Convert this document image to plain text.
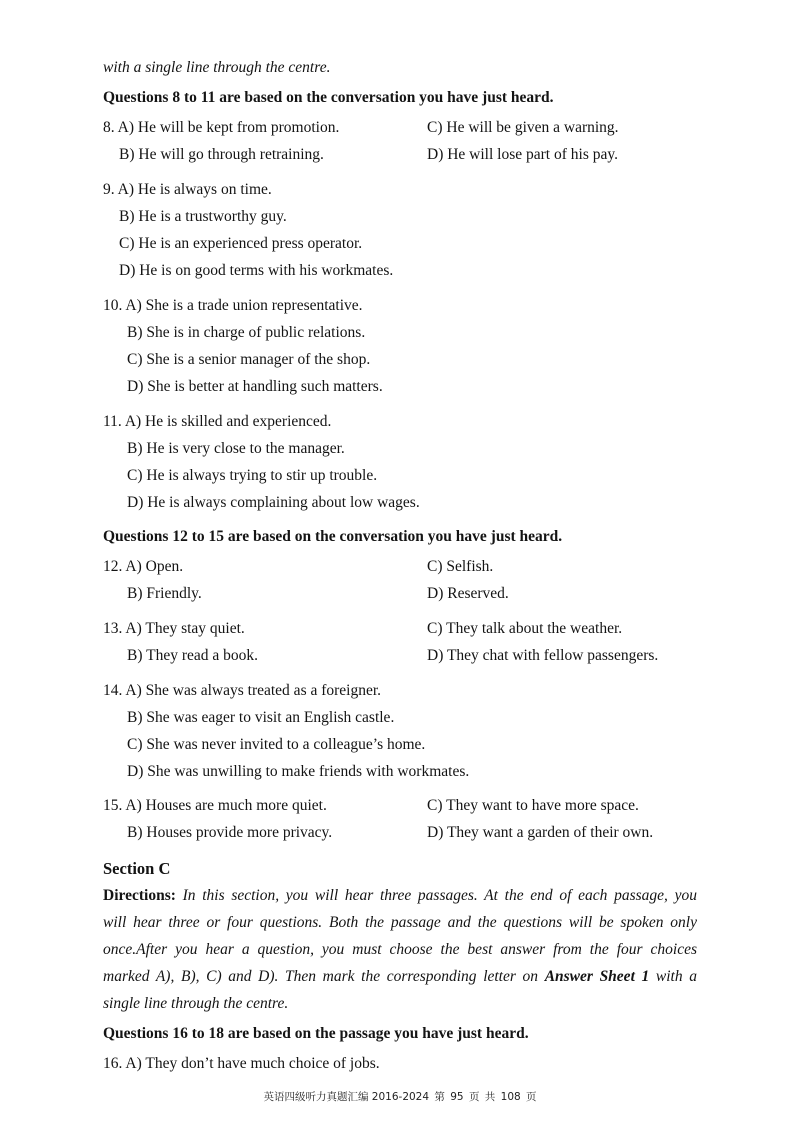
with a single line through the centre.
Questions 8 to 11 are based on the conversation you have just heard.
8. A) He will be kept from promotion.	C) He will be given a warning.
B) He will go through retraining.	D) He will lose part of his pay.
9. A) He is always on time.
B) He is a trustworthy guy.
C) He is an experienced press operator.
D) He is on good terms with his workmates.
10. A) She is a trade union representative.
B) She is in charge of public relations.
C) She is a senior manager of the shop.
D) She is better at handling such matters.
11. A) He is skilled and experienced.
B) He is very close to the manager.
C) He is always trying to stir up trouble.
D) He is always complaining about low wages.
Questions 12 to 15 are based on the conversation you have just heard.
12. A) Open.	C) Selfish.
B) Friendly.	D) Reserved.
13. A) They stay quiet.	C) They talk about the weather.
B) They read a book.	D) They chat with fellow passengers.
14. A) She was always treated as a foreigner.
B) She was eager to visit an English castle.
C) She was never invited to a colleague’s home.
D) She was unwilling to make friends with workmates.
15. A) Houses are much more quiet.	C) They want to have more space.
B) Houses provide more privacy.	D) They want a garden of their own.
Section C
Directions: In this section, you will hear three passages. At the end of each passage, you
will hear three or four questions. Both the passage and the questions will be spoken only
once.After you hear a question, you must choose the best answer from the four choices
marked A), B), C) and D). Then mark the corresponding letter on Answer Sheet 1 with a
single line through the centre.
Questions 16 to 18 are based on the passage you have just heard.
16. A) They don’t have much choice of jobs.
英语四级听力真题汇编 2016-2024 第 95 页 共 108 页
